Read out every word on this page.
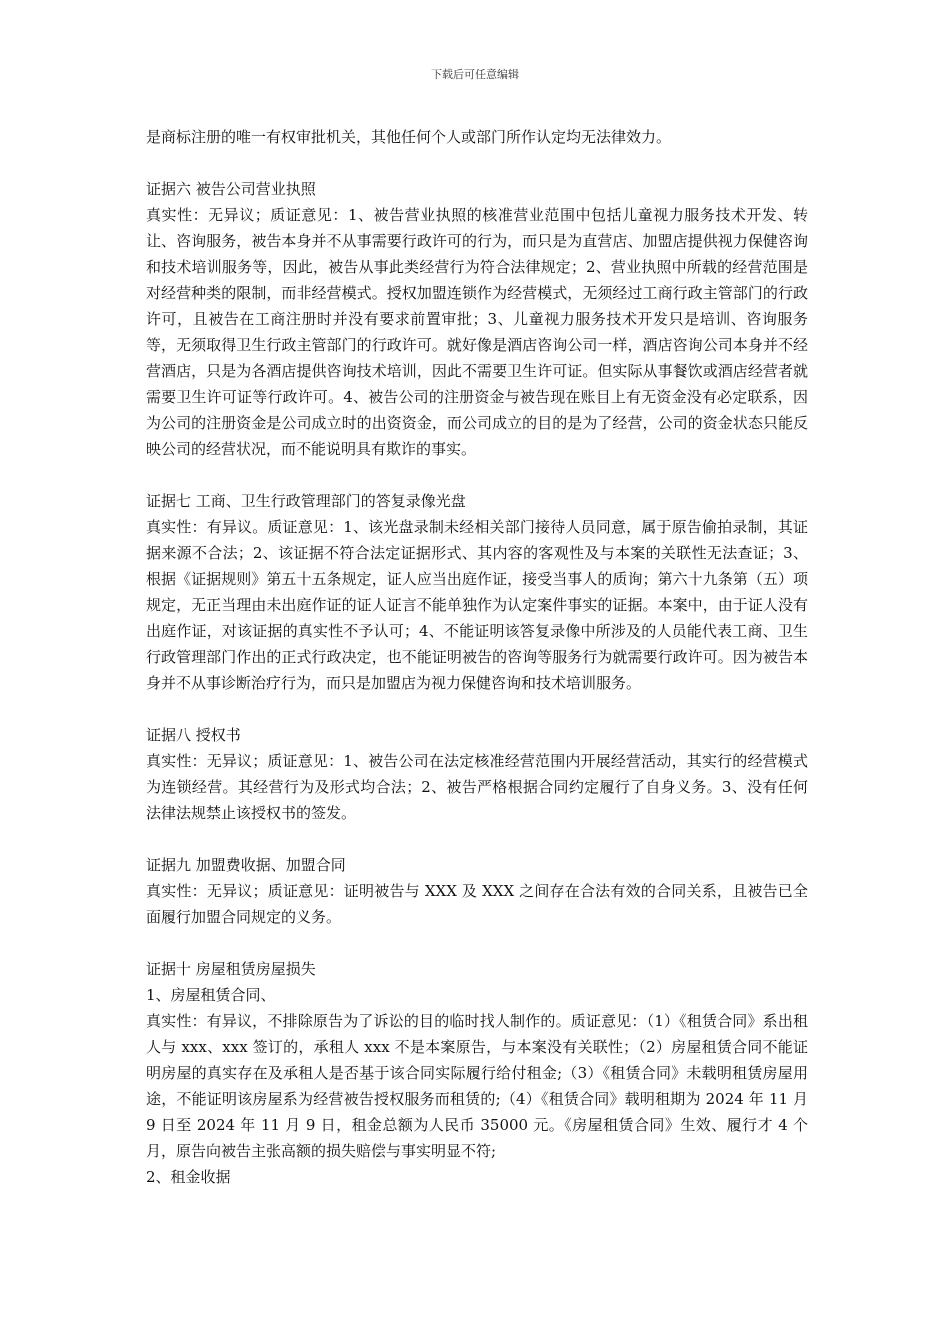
下载后可任意编辑

是商标注册的唯一有权审批机关，其他任何个人或部门所作认定均无法律效力。

证据六 被告公司营业执照

真实性：无异议；质证意见：1、被告营业执照的核准营业范围中包括儿童视力服务技术开发、转让、咨询服务，被告本身并不从事需要行政许可的行为，而只是为直营店、加盟店提供视力保健咨询和技术培训服务等，因此，被告从事此类经营行为符合法律规定；2、营业执照中所载的经营范围是对经营种类的限制，而非经营模式。授权加盟连锁作为经营模式，无须经过工商行政主管部门的行政许可，且被告在工商注册时并没有要求前置审批；3、儿童视力服务技术开发只是培训、咨询服务等，无须取得卫生行政主管部门的行政许可。就好像是酒店咨询公司一样，酒店咨询公司本身并不经营酒店，只是为各酒店提供咨询技术培训，因此不需要卫生许可证。但实际从事餐饮或酒店经营者就需要卫生许可证等行政许可。4、被告公司的注册资金与被告现在账目上有无资金没有必定联系，因为公司的注册资金是公司成立时的出资资金，而公司成立的目的是为了经营，公司的资金状态只能反映公司的经营状况，而不能说明具有欺诈的事实。

证据七 工商、卫生行政管理部门的答复录像光盘

真实性：有异议。质证意见：1、该光盘录制未经相关部门接待人员同意，属于原告偷拍录制，其证据来源不合法；2、该证据不符合法定证据形式、其内容的客观性及与本案的关联性无法查证；3、根据《证据规则》第五十五条规定，证人应当出庭作证，接受当事人的质询；第六十九条第（五）项规定，无正当理由未出庭作证的证人证言不能单独作为认定案件事实的证据。本案中，由于证人没有出庭作证，对该证据的真实性不予认可；4、不能证明该答复录像中所涉及的人员能代表工商、卫生行政管理部门作出的正式行政决定，也不能证明被告的咨询等服务行为就需要行政许可。因为被告本身并不从事诊断治疗行为，而只是加盟店为视力保健咨询和技术培训服务。

证据八 授权书

真实性：无异议；质证意见：1、被告公司在法定核准经营范围内开展经营活动，其实行的经营模式为连锁经营。其经营行为及形式均合法；2、被告严格根据合同约定履行了自身义务。3、没有任何法律法规禁止该授权书的签发。

证据九 加盟费收据、加盟合同

真实性：无异议；质证意见：证明被告与 XXX 及 XXX 之间存在合法有效的合同关系，且被告已全面履行加盟合同规定的义务。

证据十 房屋租赁房屋损失

1、房屋租赁合同、

真实性：有异议，不排除原告为了诉讼的目的临时找人制作的。质证意见：（1）《租赁合同》系出租人与 xxx、xxx 签订的，承租人 xxx 不是本案原告，与本案没有关联性；（2）房屋租赁合同不能证明房屋的真实存在及承租人是否基于该合同实际履行给付租金;（3）《租赁合同》未载明租赁房屋用途，不能证明该房屋系为经营被告授权服务而租赁的;（4）《租赁合同》载明租期为 2024 年 11 月 9 日至 2024 年 11 月 9 日，租金总额为人民币 35000 元。《房屋租赁合同》生效、履行才 4 个月，原告向被告主张高额的损失赔偿与事实明显不符;

2、租金收据
